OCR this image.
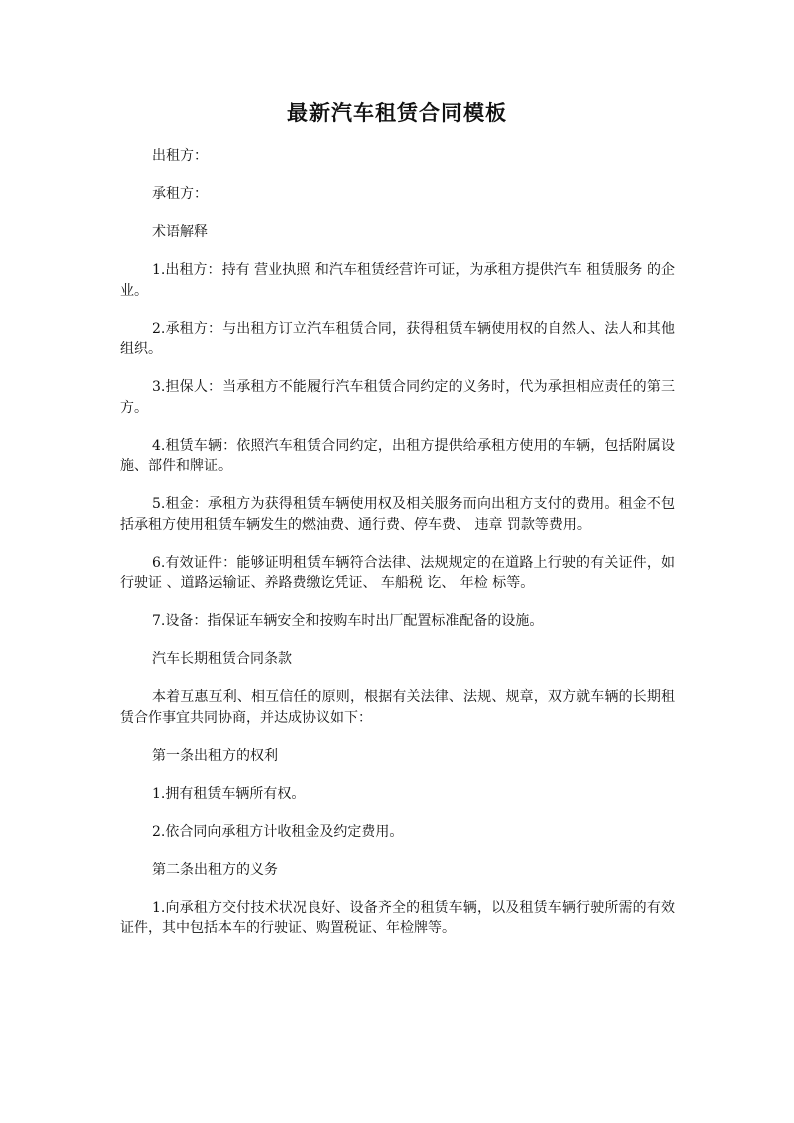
最新汽车租赁合同模板

出租方：

承租方：

术语解释

1.出租方：持有 营业执照 和汽车租赁经营许可证，为承租方提供汽车 租赁服务 的企业。

2.承租方：与出租方订立汽车租赁合同，获得租赁车辆使用权的自然人、法人和其他组织。

3.担保人：当承租方不能履行汽车租赁合同约定的义务时，代为承担相应责任的第三方。

4.租赁车辆：依照汽车租赁合同约定，出租方提供给承租方使用的车辆，包括附属设施、部件和牌证。

5.租金：承租方为获得租赁车辆使用权及相关服务而向出租方支付的费用。租金不包括承租方使用租赁车辆发生的燃油费、通行费、停车费、 违章 罚款等费用。

6.有效证件：能够证明租赁车辆符合法律、法规规定的在道路上行驶的有关证件，如 行驶证 、道路运输证、养路费缴讫凭证、 车船税 讫、 年检 标等。

7.设备：指保证车辆安全和按购车时出厂配置标准配备的设施。

汽车长期租赁合同条款

本着互惠互利、相互信任的原则，根据有关法律、法规、规章，双方就车辆的长期租赁合作事宜共同协商，并达成协议如下：

第一条出租方的权利

1.拥有租赁车辆所有权。

2.依合同向承租方计收租金及约定费用。

第二条出租方的义务

1.向承租方交付技术状况良好、设备齐全的租赁车辆，以及租赁车辆行驶所需的有效证件，其中包括本车的行驶证、购置税证、年检牌等。
